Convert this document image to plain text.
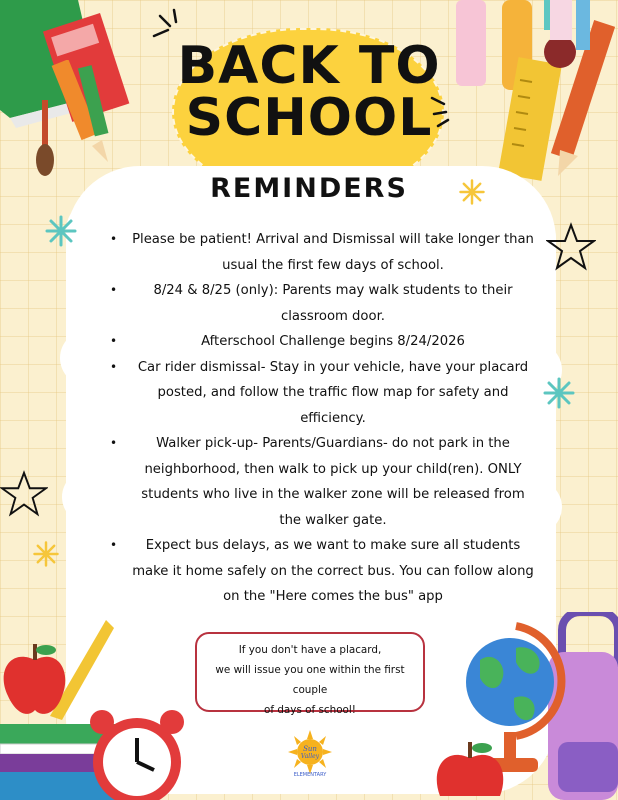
BACK TO
SCHOOL
REMINDERS
• Please be patient! Arrival and Dismissal will take longer than usual the first few days of school.
•	8/24 & 8/25 (only): Parents may walk students to their classroom door.
•	Afterschool Challenge begins 8/24/2026
• Car rider dismissal- Stay in your vehicle, have your placard posted, and follow the traffic flow map for safety and efficiency.
•	Walker pick-up- Parents/Guardians- do not park in the neighborhood, then walk to pick up your child(ren). ONLY students who live in the walker zone will be released from the walker gate.
• Expect bus delays, as we want to make sure all students make it home safely on the correct bus. You can follow along on the "Here comes the bus" app
If you don't have a placard,
we will issue you one within the first couple
of days of school!
Sun
Valley
ELEMENTARY
